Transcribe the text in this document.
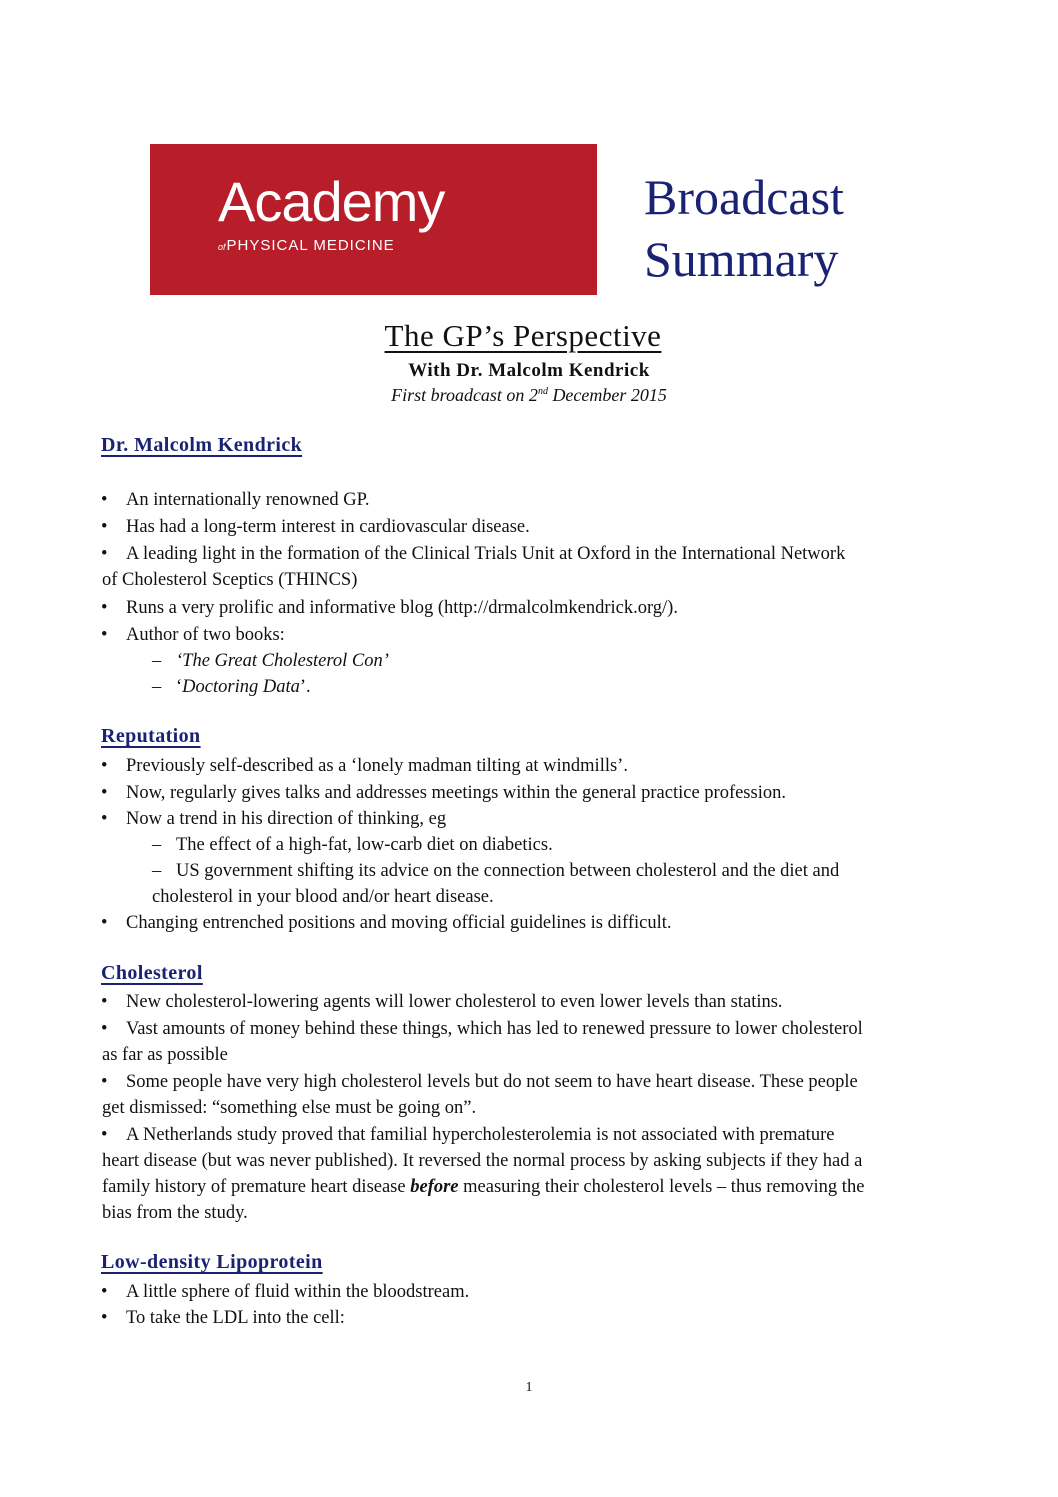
Academy
ofPHYSICAL MEDICINE
Broadcast
Summary
The GP’s Perspective
With Dr. Malcolm Kendrick
First broadcast on 2nd December 2015
Dr. Malcolm Kendrick
• An internationally renowned GP.
• Has had a long-term interest in cardiovascular disease.
• A leading light in the formation of the Clinical Trials Unit at Oxford in the International Network
of Cholesterol Sceptics (THINCS)
• Runs a very prolific and informative blog (http://drmalcolmkendrick.org/).
• Author of two books:
– ‘The Great Cholesterol Con’
– ‘Doctoring Data’.
Reputation
• Previously self-described as a ‘lonely madman tilting at windmills’.
• Now, regularly gives talks and addresses meetings within the general practice profession.
• Now a trend in his direction of thinking, eg
– The effect of a high-fat, low-carb diet on diabetics.
– US government shifting its advice on the connection between cholesterol and the diet and
cholesterol in your blood and/or heart disease.
• Changing entrenched positions and moving official guidelines is difficult.
Cholesterol
• New cholesterol-lowering agents will lower cholesterol to even lower levels than statins.
• Vast amounts of money behind these things, which has led to renewed pressure to lower cholesterol
as far as possible
• Some people have very high cholesterol levels but do not seem to have heart disease. These people
get dismissed: “something else must be going on”.
• A Netherlands study proved that familial hypercholesterolemia is not associated with premature
heart disease (but was never published). It reversed the normal process by asking subjects if they had a
family history of premature heart disease before measuring their cholesterol levels – thus removing the
bias from the study.
Low-density Lipoprotein
• A little sphere of fluid within the bloodstream.
• To take the LDL into the cell:
1
